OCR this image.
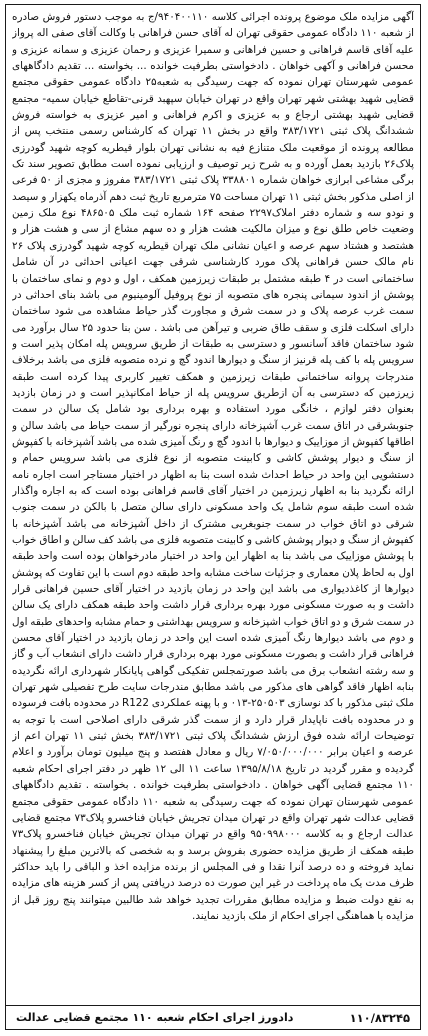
آگهی مزایده ملک موضوع پرونده اجرائی کلاسه ۹۴۰۴۰۰۱۱۰/ج به موجب دستور فروش صادره از شعبه ۱۱۰ دادگاه عمومی حقوقی تهران له آقای حسن فراهانی با وکالت آقای صفی اله پرواز علیه آقای قاسم فراهانی و حسین فراهانی و سمیرا عزیزی و رحمان عزیزی و سمانه عزیزی و محسن فراهانی و آکهی خواهان . دادخواستی بطرفیت خوانده ... بخواسته ... تقدیم دادگاههای عمومی شهرستان تهران نموده که جهت رسیدگی به شعبه۲۵ دادگاه عمومی حقوقی مجتمع قضایی شهید بهشتی شهر تهران واقع در تهران خیابان سپهبد قرنی-تقاطع خیابان سمیه- مجتمع قضایی شهید بهشتی ارجاع و به عزیزی و اکرم فراهانی و امیر عزیزی به خواسته فروش ششدانگ پلاک ثبتی ۳۸۳/۱۷۲۱ واقع در بخش ۱۱ تهران که کارشناس رسمی منتخب پس از مطالعه پرونده از موقعیت ملک متنازع فیه به نشانی تهران بلوار قیطریه کوچه شهید گودرزی پلاک۲۶ بازدید بعمل آورده و به شرح زیر توصیف و ارزیابی نموده است مطابق تصویر سند تک برگی مشاعی ابرازی خواهان شماره ۳۳۸۸۰۱ پلاک ثبتی ۳۸۳/۱۷۲۱ مفروز و مجزی از ۵۰ فرعی از اصلی مذکور بخش ثبتی ۱۱ تهران مساحت ۷۵ مترمربع تاریخ ثبت دهم آذرماه یکهزار و سیصد و نودو سه و شماره دفتر املاک۲۲۹۷ صفحه ۱۶۴ شماره ثبت ملک ۴۸۶۵۰۵ نوع ملک زمین وضعیت خاص طلق نوع و میزان مالکیت هشت هزار و ده سهم مشاع از سی و هشت هزار و هشتصد و هشتاد سهم عرصه و اعیان نشانی ملک تهران قیطریه کوچه شهید گودرزی پلاک ۲۶ نام مالک حسن فراهانی پلاک مورد کارشناسی شرقی جهت اعیانی احداثی در آن شامل ساختمانی است در ۴ طبقه مشتمل بر طبقات زیرزمین همکف ، اول و دوم و نمای ساختمان با پوشش از اندود سیمانی پنجره های متصوبه از نوع پروفیل آلومینیوم می باشد بنای احداثی در سمت غرب عرصه پلاک و در سمت شرق و مجاورت گذر حیاط مشاهده می شود ساختمان دارای اسکلت فلزی و سقف طاق ضربی و تیرآهن می باشد . سن بنا حدود ۲۵ سال برآورد می شود ساختمان فاقد آسانسور و دسترسی به طبقات از طریق سرویس پله امکان پذیر است و سرویس پله با کف پله قرنیز از سنگ و دیوارها اندود گچ و نرده متصوبه فلزی می باشد برخلاف مندرجات پروانه ساختمانی طبقات زیرزمین و همکف تغییر کاربری پیدا کرده است طبقه زیرزمین که دسترسی به آن ازطریق سرویس پله از حیاط امکانپذیر است و در زمان بازدید بعنوان دفتر لوازم ، خانگی مورد استفاده و بهره برداری بود شامل یک سالن در سمت جنوبشرقی در اتاق سمت غرب آشپزخانه دارای پنجره نورگیر از سمت حیاط می باشد سالن و اطاقها کفپوش از موزاییک و دیوارها با اندود گچ و رنگ آمیزی شده می باشد آشپزخانه با کفپوش از سنگ و دیوار پوشش کاشی و کابینت متصوبه از نوع فلزی می باشد سرویس حمام و دستشویی این واحد در حیاط احداث شده است بنا به اظهار در اختیار مستاجر است اجاره نامه ارائه نگردید بنا به اظهار زیرزمین در اختیار آقای قاسم فراهانی بوده است که به اجاره واگذار شده است طبقه سوم شامل یک واحد مسکونی دارای سالن متصل با بالکن در سمت جنوب شرقی دو اتاق خواب در سمت جنوبغربی مشترک از داخل آشپزخانه می باشد آشپزخانه با کفپوش از سنگ و دیوار پوشش کاشی و کابینت متصوبه فلزی می باشد کف سالن و اطاق خواب با پوشش موزاییک می باشد بنا به اظهار این واحد در اختیار مادرخواهان بوده است واحد طبقه اول به لحاظ پلان معماری و جزئیات ساخت مشابه واحد طبقه دوم است با این تفاوت که پوشش دیوارها از کاغذدیواری می باشد این واحد در زمان بازدید در اختیار آقای حسین فراهانی قرار داشت و به صورت مسکونی مورد بهره برداری قرار داشت واحد طبقه همکف دارای یک سالن در سمت شرق و دو اتاق خواب اشپزخانه و سرویس بهداشتی و حمام مشابه واحدهای طبقه اول و دوم می باشد دیوارها رنگ آمیزی شده است این واحد در زمان بازدید در اختیار آقای محسن فراهانی قرار داشت و بصورت مسکونی مورد بهره برداری قرار داشت دارای انشعاب آب و گاز و سه رشته انشعاب برق می باشد صورتمجلس تفکیکی گواهی پایانکار شهرداری ارائه نگردیده بنابه اظهار فاقد گواهی های مذکور می باشد مطابق مندرجات سایت طرح تفصیلی شهر تهران ملک ثبتی مذکور با کد نوسازی ۲۵۰۵۰۳-۰۱۳ و با پهنه عملکردی R122 در محدوده بافت فرسوده و در محدوده بافت ناپایدار قرار دارد و از سمت گذر شرقی دارای اصلاحی است با توجه به توضیحات ارائه شده فوق ارزش ششدانگ پلاک ثبتی ۳۸۳/۱۷۲۱ بخش ثبتی ۱۱ تهران اعم از عرصه و اعیان برابر ۷/۰۵۰/۰۰۰/۰۰۰ ریال و معادل هفتصد و پنج میلیون تومان برآورد و اعلام گردیده و مقرر گردید در تاریخ ۱۳۹۵/۸/۱۸ ساعت ۱۱ الی ۱۲ ظهر در دفتر اجرای احکام شعبه ۱۱۰ مجتمع قضایی آگهی خواهان . دادخواستی بطرفیت خوانده . بخواسته . تقدیم دادگاههای عمومی شهرستان تهران نموده که جهت رسیدگی به شعبه ۱۱۰ دادگاه عمومی حقوقی مجتمع قضایی عدالت شهر تهران واقع در تهران میدان تجریش خیابان فناخسرو پلاک۷۳ مجتمع قضایی عدالت ارجاع و به کلاسه ۹۵۰۹۹۸۰۰۰ واقع در تهران میدان تجریش خیابان فناخسرو پلاک۷۳ طبقه همکف از طریق مزایده حضوری بفروش برسد و به شخصی که بالاترین مبلغ را پیشنهاد نماید فروخته و ده درصد آنرا نقدا و فی المجلس از برنده مزایده اخذ و الباقی را باید حداکثر ظرف مدت یک ماه پرداخت در غیر این صورت ده درصد دریافتی پس از کسر هزینه های مزایده به نفع دولت ضبط و مزایده مطابق مقررات تجدید خواهد شد طالبین میتوانند پنج روز قبل از مزایده با هماهنگی اجرای احکام از ملک بازدید نمایند.
دادورز اجرای احکام شعبه ۱۱۰ مجتمع قضایی عدالت	۱۱۰/۸۳۲۴۵
